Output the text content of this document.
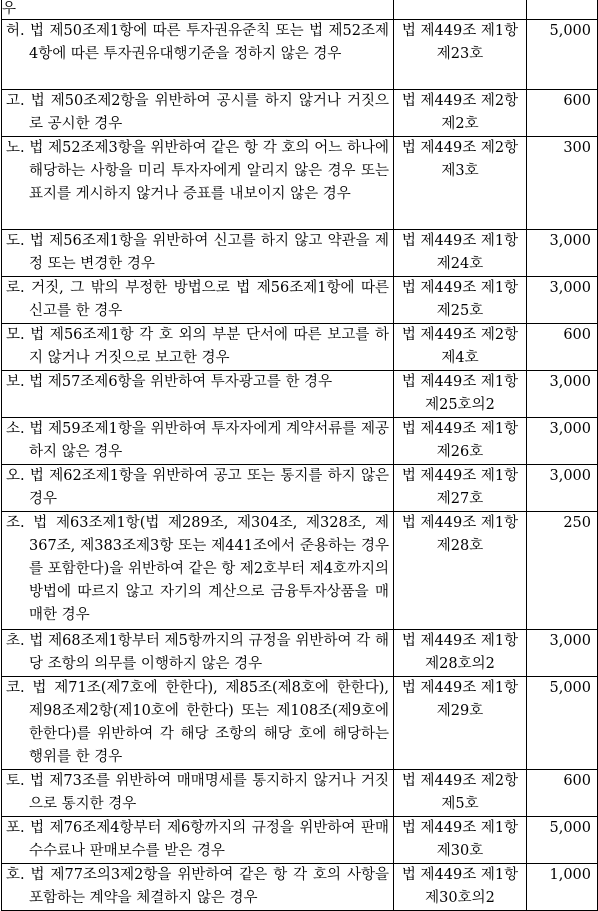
우		

허. 법 제50조제1항에 따른 투자권유준칙 또는 법 제52조제4항에 따른 투자권유대행기준을 정하지 않은 경우	법 제449조 제1항제23호	5,000

고. 법 제50조제2항을 위반하여 공시를 하지 않거나 거짓으로 공시한 경우	법 제449조 제2항제2호	600

노. 법 제52조제3항을 위반하여 같은 항 각 호의 어느 하나에 해당하는 사항을 미리 투자자에게 알리지 않은 경우 또는 표지를 게시하지 않거나 증표를 내보이지 않은 경우	법 제449조 제2항제3호	300

도. 법 제56조제1항을 위반하여 신고를 하지 않고 약관을 제정 또는 변경한 경우	법 제449조 제1항제24호	3,000

로. 거짓, 그 밖의 부정한 방법으로 법 제56조제1항에 따른 신고를 한 경우	법 제449조 제1항제25호	3,000

모. 법 제56조제1항 각 호 외의 부분 단서에 따른 보고를 하지 않거나 거짓으로 보고한 경우	법 제449조 제2항제4호	600

보. 법 제57조제6항을 위반하여 투자광고를 한 경우	법 제449조 제1항제25호의2	3,000

소. 법 제59조제1항을 위반하여 투자자에게 계약서류를 제공하지 않은 경우	법 제449조 제1항제26호	3,000

오. 법 제62조제1항을 위반하여 공고 또는 통지를 하지 않은 경우	법 제449조 제1항제27호	3,000

조. 법 제63조제1항(법 제289조, 제304조, 제328조, 제367조, 제383조제3항 또는 제441조에서 준용하는 경우를 포함한다)을 위반하여 같은 항 제2호부터 제4호까지의 방법에 따르지 않고 자기의 계산으로 금융투자상품을 매매한 경우	법 제449조 제1항제28호	250

초. 법 제68조제1항부터 제5항까지의 규정을 위반하여 각 해당 조항의 의무를 이행하지 않은 경우	법 제449조 제1항제28호의2	3,000

코. 법 제71조(제7호에 한한다), 제85조(제8호에 한한다), 제98조제2항(제10호에 한한다) 또는 제108조(제9호에 한한다)를 위반하여 각 해당 조항의 해당 호에 해당하는 행위를 한 경우	법 제449조 제1항제29호	5,000

토. 법 제73조를 위반하여 매매명세를 통지하지 않거나 거짓으로 통지한 경우	법 제449조 제2항제5호	600

포. 법 제76조제4항부터 제6항까지의 규정을 위반하여 판매수수료나 판매보수를 받은 경우	법 제449조 제1항제30호	5,000

호. 법 제77조의3제2항을 위반하여 같은 항 각 호의 사항을 포함하는 계약을 체결하지 않은 경우	법 제449조 제1항제30호의2	1,000
